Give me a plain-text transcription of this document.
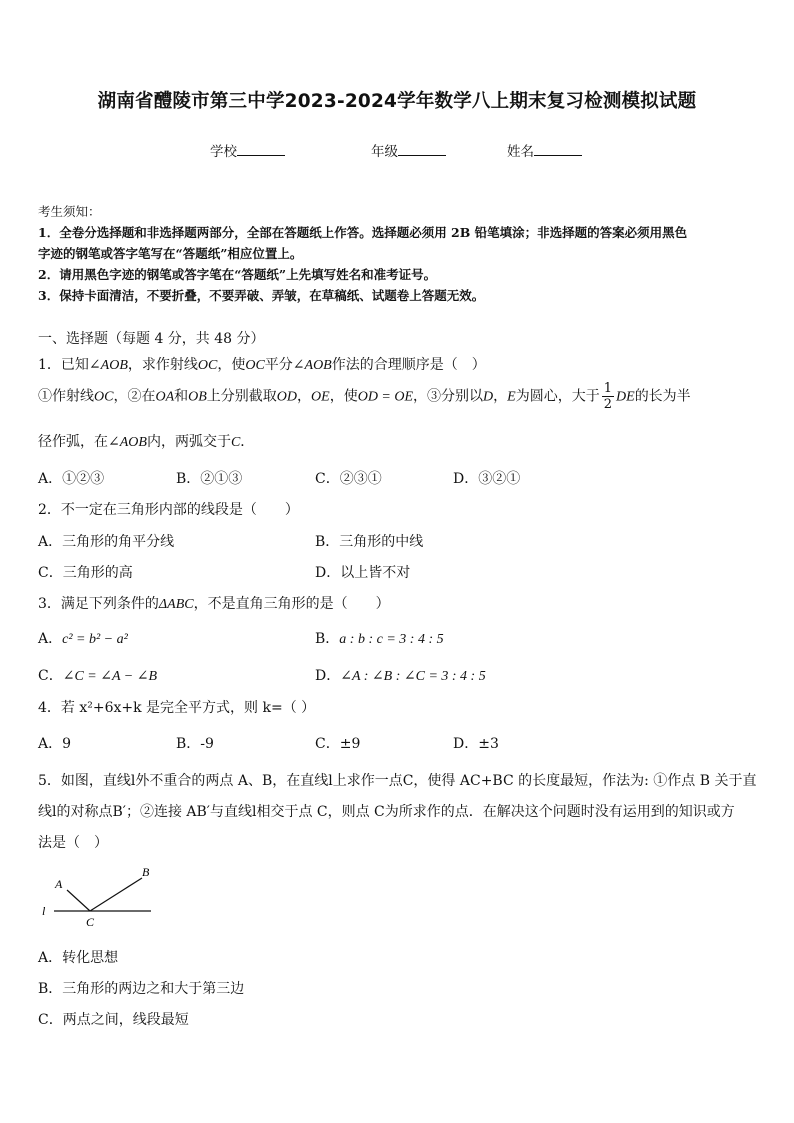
湖南省醴陵市第三中学2023-2024学年数学八上期末复习检测模拟试题
学校	年级	姓名
考生须知：
1．全卷分选择题和非选择题两部分，全部在答题纸上作答。选择题必须用 2B 铅笔填涂；非选择题的答案必须用黑色
字迹的钢笔或答字笔写在“答题纸”相应位置上。
2．请用黑色字迹的钢笔或答字笔在“答题纸”上先填写姓名和准考证号。
3．保持卡面清洁，不要折叠，不要弄破、弄皱，在草稿纸、试题卷上答题无效。
一、选择题（每题 4 分，共 48 分）
1．已知∠AOB，求作射线OC，使OC平分∠AOB作法的合理顺序是（　）
①作射线OC，②在OA和OB上分别截取OD，OE，使OD = OE，③分别以D，E为圆心，大于 $\frac{1}{2}$ DE的长为半
径作弧，在∠AOB内，两弧交于C．
A．①②③	B．②①③	C．②③①	D．③②①
2．不一定在三角形内部的线段是（　　）
A．三角形的角平分线	B．三角形的中线
C．三角形的高	D．以上皆不对
3．满足下列条件的ΔABC，不是直角三角形的是（　　）
A．c² = b² − a²	B．a : b : c = 3 : 4 : 5
C．∠C = ∠A − ∠B	D．∠A : ∠B : ∠C = 3 : 4 : 5
4．若 x²+6x+k 是完全平方式，则 k=（ ）
A．9	B．-9	C．±9	D．±3
5．如图，直线l外不重合的两点 A、B，在直线l上求作一点C，使得 AC+BC 的长度最短，作法为: ①作点 B 关于直
线l的对称点B′；②连接 AB′与直线l相交于点 C，则点 C为所求作的点．在解决这个问题时没有运用到的知识或方
法是（　）
A
B
C
l
A．转化思想
B．三角形的两边之和大于第三边
C．两点之间，线段最短
